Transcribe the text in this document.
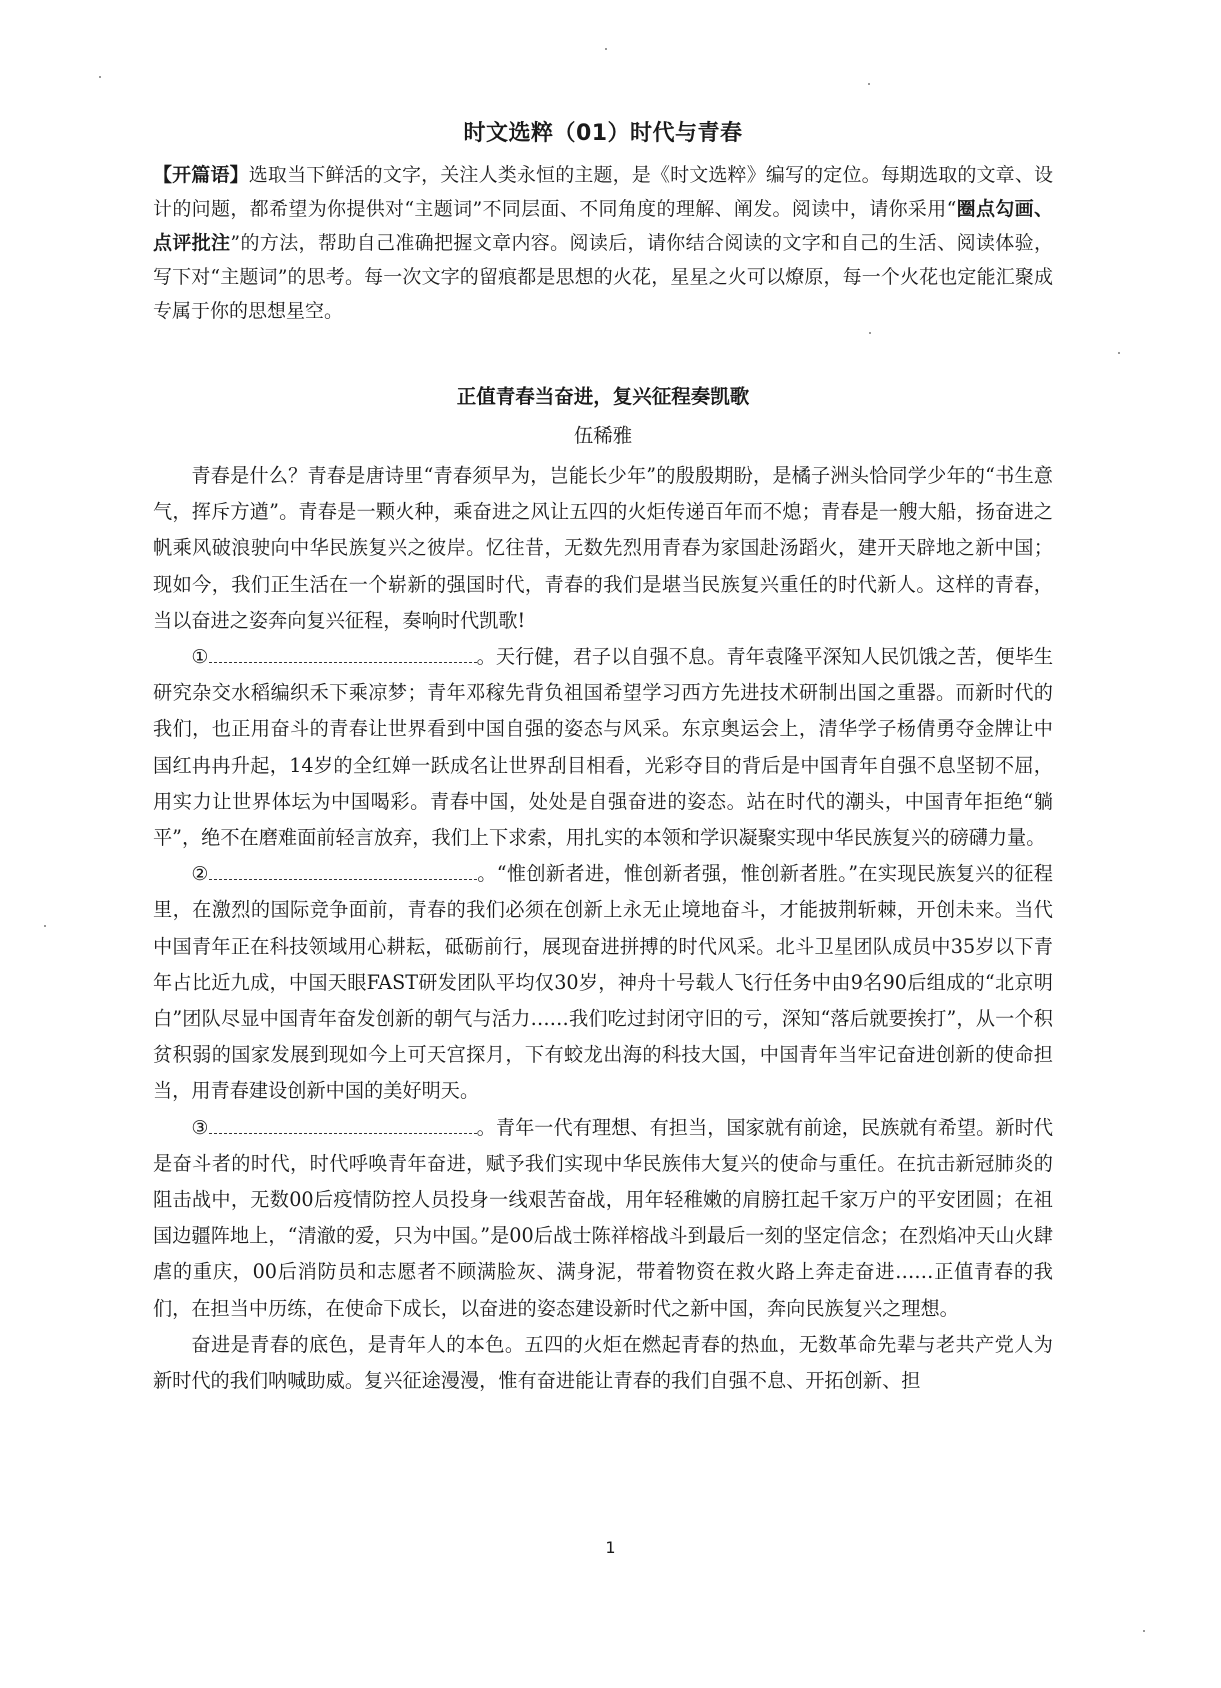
时文选粹（01）时代与青春
【开篇语】选取当下鲜活的文字，关注人类永恒的主题，是《时文选粹》编写的定位。每期选取的文章、设计的问题，都希望为你提供对“主题词”不同层面、不同角度的理解、阐发。阅读中，请你采用“圈点勾画、点评批注”的方法，帮助自己准确把握文章内容。阅读后，请你结合阅读的文字和自己的生活、阅读体验，写下对“主题词”的思考。每一次文字的留痕都是思想的火花，星星之火可以燎原，每一个火花也定能汇聚成专属于你的思想星空。
正值青春当奋进，复兴征程奏凯歌
伍稀雅

青春是什么？青春是唐诗里“青春须早为，岂能长少年”的殷殷期盼，是橘子洲头恰同学少年的“书生意气，挥斥方遒”。青春是一颗火种，乘奋进之风让五四的火炬传递百年而不熄；青春是一艘大船，扬奋进之帆乘风破浪驶向中华民族复兴之彼岸。忆往昔，无数先烈用青春为家国赴汤蹈火，建开天辟地之新中国；现如今，我们正生活在一个崭新的强国时代，青春的我们是堪当民族复兴重任的时代新人。这样的青春，当以奋进之姿奔向复兴征程，奏响时代凯歌!

①	。天行健，君子以自强不息。青年袁隆平深知人民饥饿之苦，便毕生研究杂交水稻编织禾下乘凉梦；青年邓稼先背负祖国希望学习西方先进技术研制出国之重器。而新时代的我们，也正用奋斗的青春让世界看到中国自强的姿态与风采。东京奥运会上，清华学子杨倩勇夺金牌让中国红冉冉升起，14岁的全红婵一跃成名让世界刮目相看，光彩夺目的背后是中国青年自强不息坚韧不屈，用实力让世界体坛为中国喝彩。青春中国，处处是自强奋进的姿态。站在时代的潮头，中国青年拒绝“躺平”，绝不在磨难面前轻言放弃，我们上下求索，用扎实的本领和学识凝聚实现中华民族复兴的磅礴力量。

②	。“惟创新者进，惟创新者强，惟创新者胜。”在实现民族复兴的征程里，在激烈的国际竞争面前，青春的我们必须在创新上永无止境地奋斗，才能披荆斩棘，开创未来。当代中国青年正在科技领域用心耕耘，砥砺前行，展现奋进拼搏的时代风采。北斗卫星团队成员中35岁以下青年占比近九成，中国天眼FAST研发团队平均仅30岁，神舟十号载人飞行任务中由9名90后组成的“北京明白”团队尽显中国青年奋发创新的朝气与活力……我们吃过封闭守旧的亏，深知“落后就要挨打”，从一个积贫积弱的国家发展到现如今上可天宫探月，下有蛟龙出海的科技大国，中国青年当牢记奋进创新的使命担当，用青春建设创新中国的美好明天。

③	。青年一代有理想、有担当，国家就有前途，民族就有希望。新时代是奋斗者的时代，时代呼唤青年奋进，赋予我们实现中华民族伟大复兴的使命与重任。在抗击新冠肺炎的阻击战中，无数00后疫情防控人员投身一线艰苦奋战，用年轻稚嫩的肩膀扛起千家万户的平安团圆；在祖国边疆阵地上，“清澈的爱，只为中国。”是00后战士陈祥榕战斗到最后一刻的坚定信念；在烈焰冲天山火肆虐的重庆，00后消防员和志愿者不顾满脸灰、满身泥，带着物资在救火路上奔走奋进……正值青春的我们，在担当中历练，在使命下成长，以奋进的姿态建设新时代之新中国，奔向民族复兴之理想。

奋进是青春的底色，是青年人的本色。五四的火炬在燃起青春的热血，无数革命先辈与老共产党人为新时代的我们呐喊助威。复兴征途漫漫，惟有奋进能让青春的我们自强不息、开拓创新、担

1
